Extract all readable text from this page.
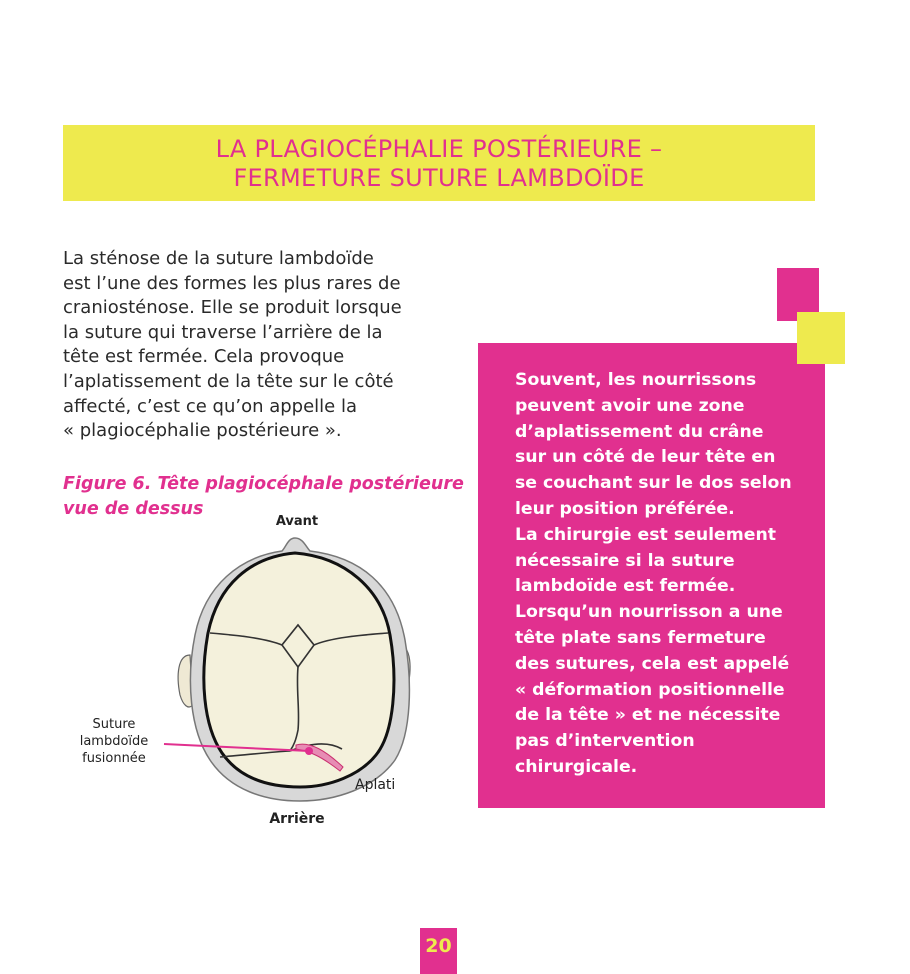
LA PLAGIOCÉPHALIE POSTÉRIEURE –
FERMETURE SUTURE LAMBDOÏDE
La sténose de la suture lambdoïde
est l’une des formes les plus rares de
craniosténose. Elle se produit lorsque
la suture qui traverse l’arrière de la
tête est fermée. Cela provoque
l’aplatissement de la tête sur le côté
affecté, c’est ce qu’on appelle la
« plagiocéphalie postérieure ».
Figure 6. Tête plagiocéphale postérieure
vue de dessus
Avant
Arrière
Aplati
Suture
lambdoïde
fusionnée
Souvent, les nourrissons
peuvent avoir une zone
d’aplatissement du crâne
sur un côté de leur tête en
se couchant sur le dos selon
leur position préférée.
La chirurgie est seulement
nécessaire si la suture
lambdoïde est fermée.
Lorsqu’un nourrisson a une
tête plate sans fermeture
des sutures, cela est appelé
« déformation positionnelle
de la tête » et ne nécessite
pas d’intervention
chirurgicale.
20
